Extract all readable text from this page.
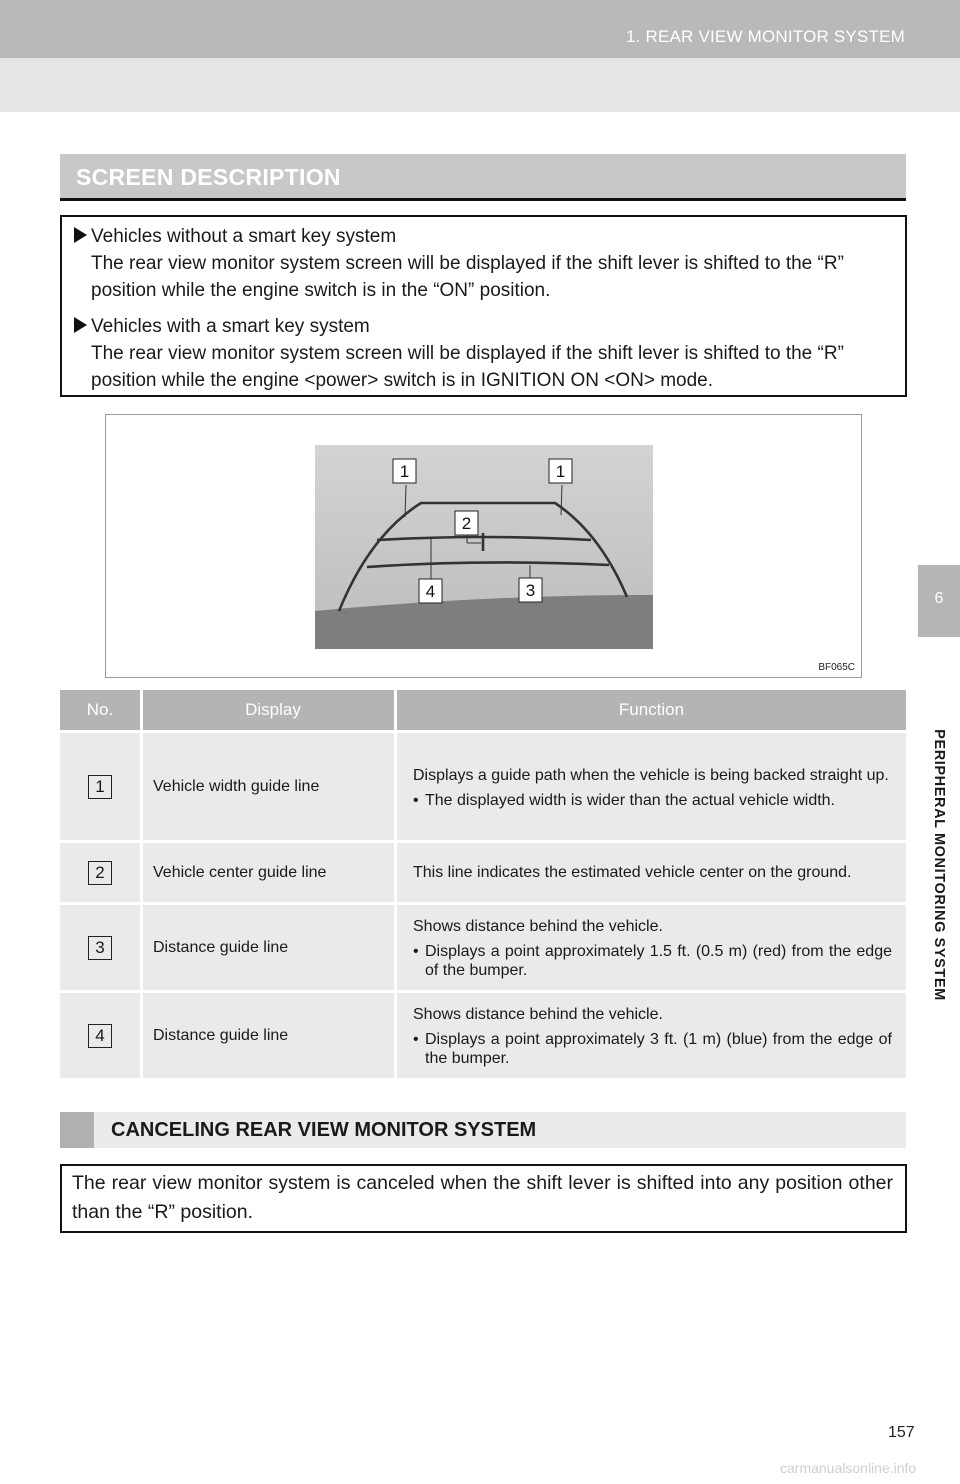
1. REAR VIEW MONITOR SYSTEM
6
PERIPHERAL MONITORING SYSTEM
SCREEN DESCRIPTION
Vehicles without a smart key system
The rear view monitor system screen will be displayed if the shift lever is shifted to the “R” position while the engine switch is in the “ON” position.
Vehicles with a smart key system
The rear view monitor system screen will be displayed if the shift lever is shifted to the “R” position while the engine <power> switch is in IGNITION ON <ON> mode.
1	1
2
4	3
BF065C
No.	Display	Function
1	Vehicle width guide line	Displays a guide path when the vehicle is being backed straight up.
• The displayed width is wider than the actual vehicle width.

2	Vehicle center guide line	This line indicates the estimated vehicle center on the ground.

3	Distance guide line	Shows distance behind the vehicle.
• Displays a point approximately 1.5 ft. (0.5 m) (red) from the edge of the bumper.

4	Distance guide line	Shows distance behind the vehicle.
• Displays a point approximately 3 ft. (1 m) (blue) from the edge of the bumper.
CANCELING REAR VIEW MONITOR SYSTEM
The rear view monitor system is canceled when the shift lever is shifted into any position other than the “R” position.
157
carmanualsonline.info
